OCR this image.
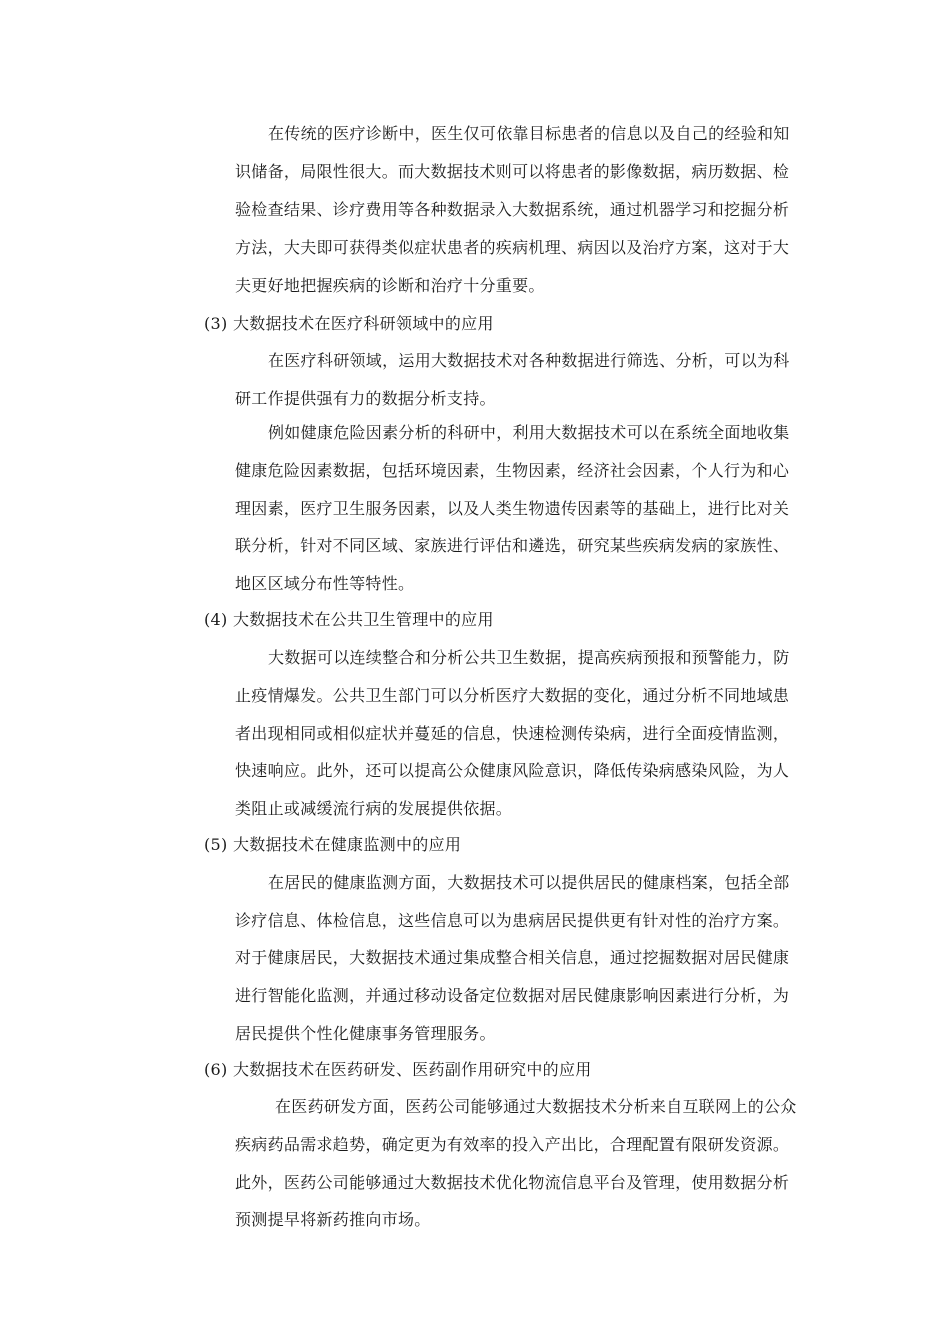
在传统的医疗诊断中，医生仅可依靠目标患者的信息以及自己的经验和知
识储备，局限性很大。而大数据技术则可以将患者的影像数据，病历数据、检
验检查结果、诊疗费用等各种数据录入大数据系统，通过机器学习和挖掘分析
方法，大夫即可获得类似症状患者的疾病机理、病因以及治疗方案，这对于大
夫更好地把握疾病的诊断和治疗十分重要。
(3) 大数据技术在医疗科研领域中的应用
在医疗科研领域，运用大数据技术对各种数据进行筛选、分析，可以为科
研工作提供强有力的数据分析支持。
例如健康危险因素分析的科研中，利用大数据技术可以在系统全面地收集
健康危险因素数据，包括环境因素，生物因素，经济社会因素，个人行为和心
理因素，医疗卫生服务因素，以及人类生物遗传因素等的基础上，进行比对关
联分析，针对不同区域、家族进行评估和遴选，研究某些疾病发病的家族性、
地区区域分布性等特性。
(4) 大数据技术在公共卫生管理中的应用
大数据可以连续整合和分析公共卫生数据，提高疾病预报和预警能力，防
止疫情爆发。公共卫生部门可以分析医疗大数据的变化，通过分析不同地域患
者出现相同或相似症状并蔓延的信息，快速检测传染病，进行全面疫情监测，
快速响应。此外，还可以提高公众健康风险意识，降低传染病感染风险，为人
类阻止或减缓流行病的发展提供依据。
(5) 大数据技术在健康监测中的应用
在居民的健康监测方面，大数据技术可以提供居民的健康档案，包括全部
诊疗信息、体检信息，这些信息可以为患病居民提供更有针对性的治疗方案。
对于健康居民，大数据技术通过集成整合相关信息，通过挖掘数据对居民健康
进行智能化监测，并通过移动设备定位数据对居民健康影响因素进行分析，为
居民提供个性化健康事务管理服务。
(6) 大数据技术在医药研发、医药副作用研究中的应用
在医药研发方面，医药公司能够通过大数据技术分析来自互联网上的公众
疾病药品需求趋势，确定更为有效率的投入产出比，合理配置有限研发资源。
此外，医药公司能够通过大数据技术优化物流信息平台及管理，使用数据分析
预测提早将新药推向市场。
